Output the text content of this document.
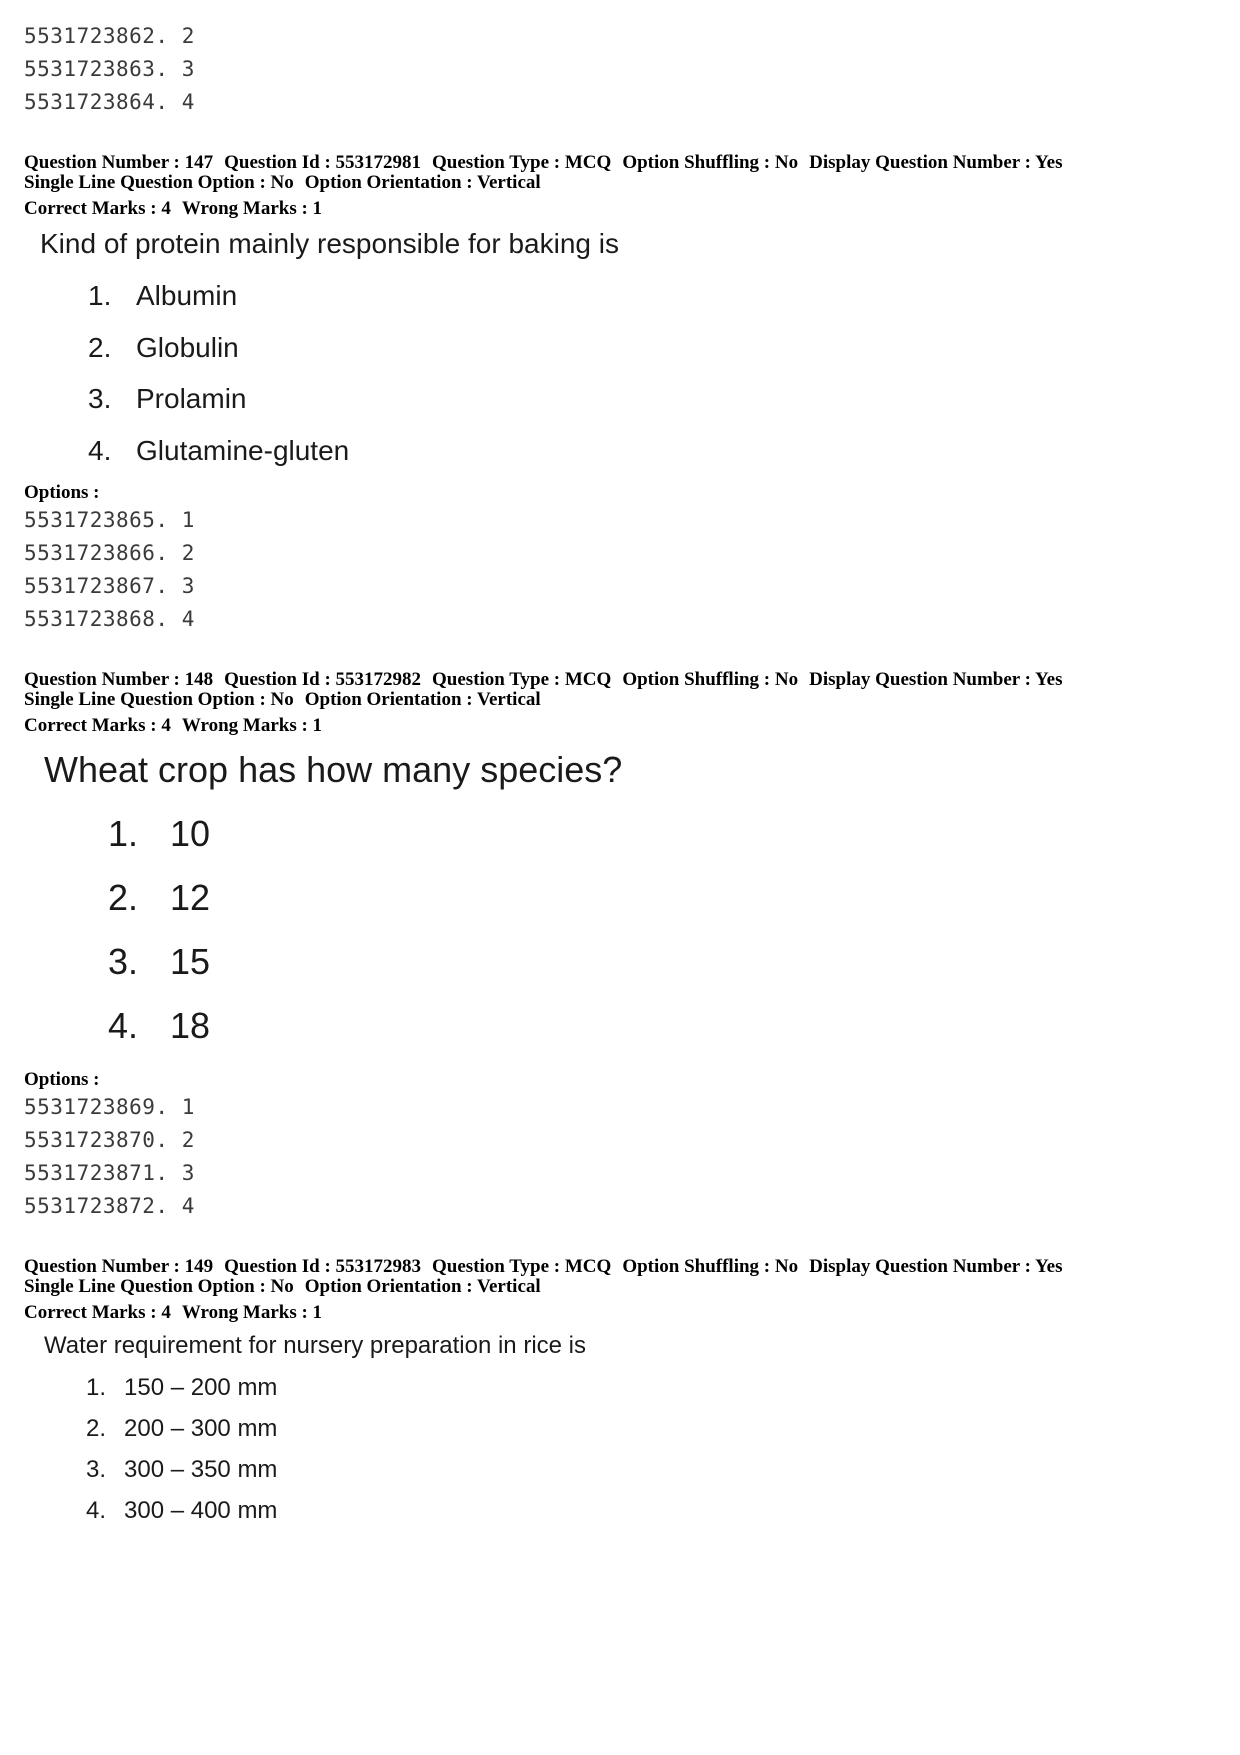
5531723862. 2
5531723863. 3
5531723864. 4
Question Number : 147 Question Id : 553172981 Question Type : MCQ Option Shuffling : No Display Question Number : Yes
Single Line Question Option : No Option Orientation : Vertical
Correct Marks : 4 Wrong Marks : 1
Kind of protein mainly responsible for baking is
1. Albumin
2. Globulin
3. Prolamin
4. Glutamine-gluten
Options :
5531723865. 1
5531723866. 2
5531723867. 3
5531723868. 4
Question Number : 148 Question Id : 553172982 Question Type : MCQ Option Shuffling : No Display Question Number : Yes
Single Line Question Option : No Option Orientation : Vertical
Correct Marks : 4 Wrong Marks : 1
Wheat crop has how many species?
1. 10
2. 12
3. 15
4. 18
Options :
5531723869. 1
5531723870. 2
5531723871. 3
5531723872. 4
Question Number : 149 Question Id : 553172983 Question Type : MCQ Option Shuffling : No Display Question Number : Yes
Single Line Question Option : No Option Orientation : Vertical
Correct Marks : 4 Wrong Marks : 1
Water requirement for nursery preparation in rice is
1. 150 – 200 mm
2. 200 – 300 mm
3. 300 – 350 mm
4. 300 – 400 mm
